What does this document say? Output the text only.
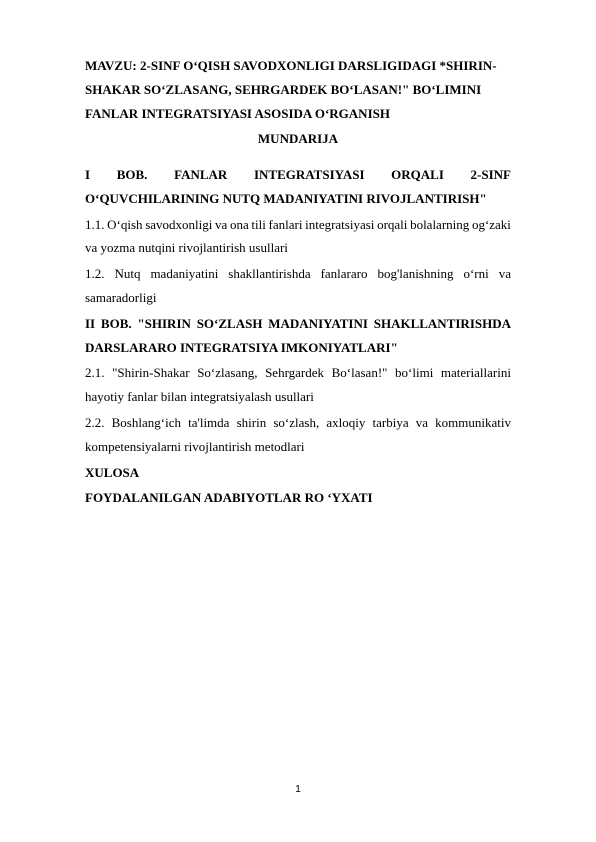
MAVZU: 2-SINF O‘QISH SAVODXONLIGI DARSLIGIDAGI *SHIRIN-
SHAKAR SO‘ZLASANG, SEHRGARDEK BO‘LASAN!" BO‘LIMINI
FANLAR INTEGRATSIYASI ASOSIDA O‘RGANISH
MUNDARIJA
I BOB. FANLAR INTEGRATSIYASI ORQALI 2-SINF
O‘QUVCHILARINING NUTQ MADANIYATINI RIVOJLANTIRISH"
1.1. O‘qish savodxonligi va ona tili fanlari integratsiyasi orqali bolalarning og‘zaki
va yozma nutqini rivojlantirish usullari
1.2. Nutq madaniyatini shakllantirishda fanlararo bog'lanishning o‘rni va
samaradorligi
II BOB. "SHIRIN SO‘ZLASH MADANIYATINI SHAKLLANTIRISHDA
DARSLARARO INTEGRATSIYA IMKONIYATLARI"
2.1. "Shirin-Shakar So‘zlasang, Sehrgardek Bo‘lasan!" bo‘limi materiallarini
hayotiy fanlar bilan integratsiyalash usullari
2.2. Boshlang‘ich ta'limda shirin so‘zlash, axloqiy tarbiya va kommunikativ
kompetensiyalarni rivojlantirish metodlari
XULOSA
FOYDALANILGAN ADABIYOTLAR RO ‘YXATI
1
